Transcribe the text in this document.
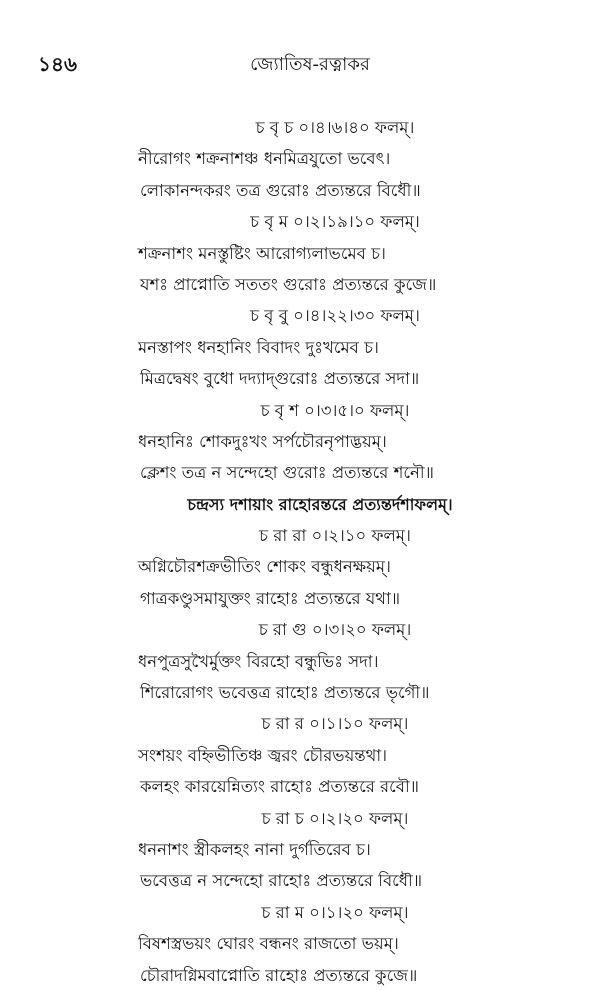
১৪৬	জ্যোতিষ-রত্নাকর

চ বৃ চ ০।৪।৬।৪০ ফলম্।
নীরোগং শক্রনাশঞ্চ ধনমিত্রযুতো ভবেৎ।
লোকানন্দকরং তত্র গুরোঃ প্রত্যন্তরে বিধৌ॥
চ বৃ ম ০।২।১৯।১০ ফলম্।
শক্রনাশং মনস্তুষ্টিং আরোগ্যলাভমেব চ।
যশঃ প্রাপ্নোতি সততং গুরোঃ প্রত্যন্তরে কুজে॥
চ বৃ বু ০।৪।২২।৩০ ফলম্।
মনস্তাপং ধনহানিং বিবাদং দুঃখমেব চ।
মিত্রদ্বেষং বুধো দদ্যাদ্‌গুরোঃ প্রত্যন্তরে সদা॥
চ বৃ শ ০।৩।৫।০ ফলম্।
ধনহানিঃ শোকদুঃখং সর্পচৌরনৃপাদ্ভয়ম্।
ক্লেশং তত্র ন সন্দেহো গুরোঃ প্রত্যন্তরে শনৌ॥
চন্দ্রস্য দশায়াং রাহোরন্তরে প্রত্যন্তর্দশাফলম্।
চ রা রা ০।২।১০ ফলম্।
অগ্নিচৌরশক্রভীতিং শোকং বন্ধুধনক্ষয়ম্।
গাত্রকণ্ডুসমাযুক্তং রাহোঃ প্রত্যন্তরে যথা॥
চ রা গু ০।৩।২০ ফলম্।
ধনপুত্রসুখৈর্মুক্তং বিরহো বন্ধুভিঃ সদা।
শিরোরোগং ভবেত্তত্র রাহোঃ প্রত্যন্তরে ভৃগৌ॥
চ রা র ০।১।১০ ফলম্।
সংশয়ং বহ্নিভীতিঞ্চ জ্বরং চৌরভয়ন্তথা।
কলহং কারয়েন্নিত্যং রাহোঃ প্রত্যন্তরে রবৌ॥
চ রা চ ০।২।২০ ফলম্।
ধননাশং স্ত্রীকলহং নানা দুর্গতিরেব চ।
ভবেত্তত্র ন সন্দেহো রাহোঃ প্রত্যন্তরে বিধৌ॥
চ রা ম ০।১।২০ ফলম্।
বিষশস্ত্রভয়ং ঘোরং বন্ধনং রাজতো ভয়ম্।
চৌরাদগ্নিমবাপ্নোতি রাহোঃ প্রত্যন্তরে কুজে॥
